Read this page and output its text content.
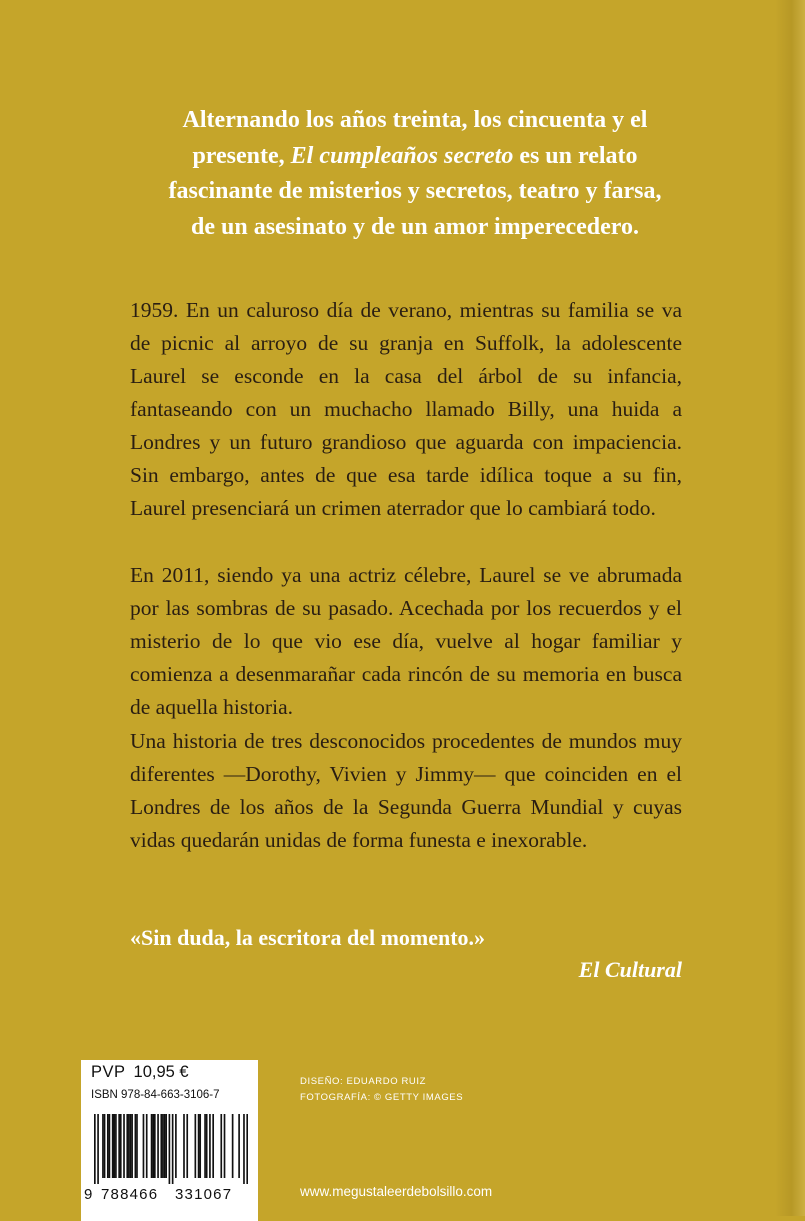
Alternando los años treinta, los cincuenta y el
presente, El cumpleaños secreto es un relato
fascinante de misterios y secretos, teatro y farsa,
de un asesinato y de un amor imperecedero.

1959. En un caluroso día de verano, mientras su familia se va de picnic al arroyo de su granja en Suffolk, la adolescente Laurel se esconde en la casa del árbol de su infancia, fantaseando con un muchacho llamado Billy, una huida a Londres y un futuro grandioso que aguarda con impaciencia. Sin embargo, antes de que esa tarde idílica toque a su fin, Laurel presenciará un crimen aterrador que lo cambiará todo.

En 2011, siendo ya una actriz célebre, Laurel se ve abrumada por las sombras de su pasado. Acechada por los recuerdos y el misterio de lo que vio ese día, vuelve al hogar familiar y comienza a desenmarañar cada rincón de su memoria en busca de aquella historia.

Una historia de tres desconocidos procedentes de mundos muy diferentes —Dorothy, Vivien y Jimmy— que coinciden en el Londres de los años de la Segunda Guerra Mundial y cuyas vidas quedarán unidas de forma funesta e inexorable.

«Sin duda, la escritora del momento.»

El Cultural

PVP 10,95 €
ISBN 978-84-663-3106-7
9 788466 331067
DISEÑO: EDUARDO RUIZ
FOTOGRAFÍA: © GETTY IMAGES

www.megustaleerdebolsillo.com
